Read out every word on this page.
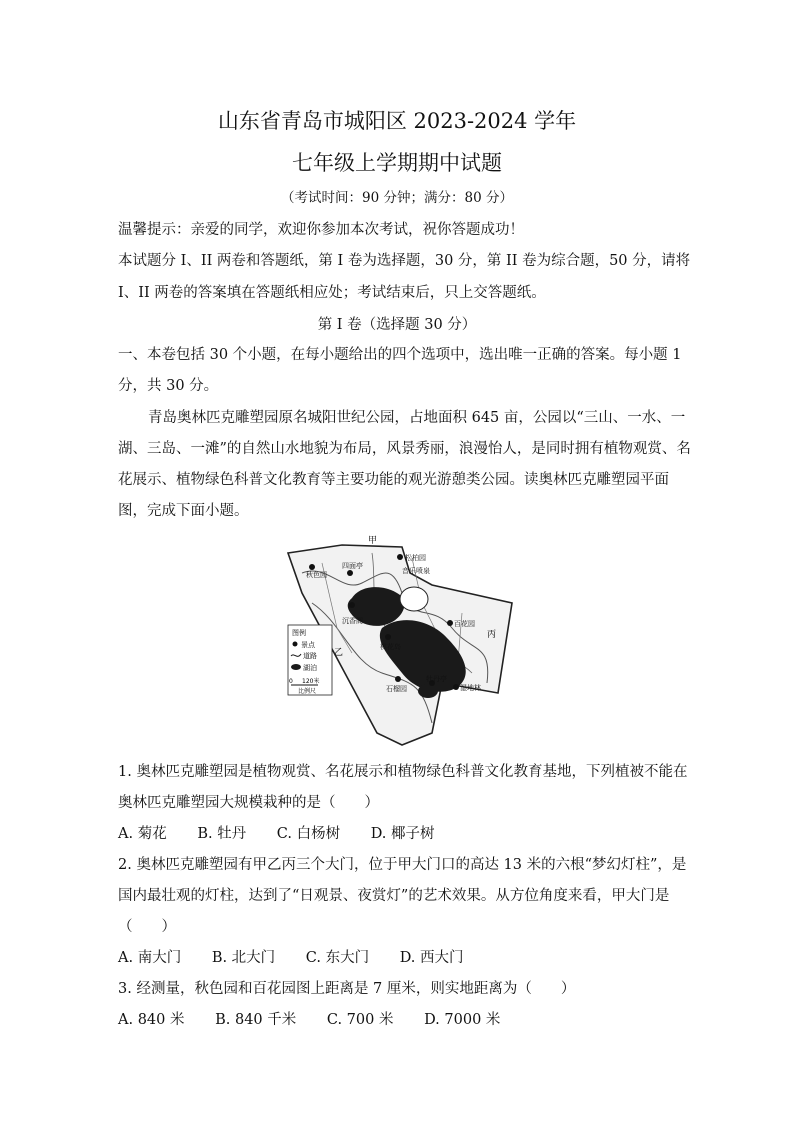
山东省青岛市城阳区 2023-2024 学年
七年级上学期期中试题
（考试时间：90 分钟；满分：80 分）
温馨提示：亲爱的同学，欢迎你参加本次考试，祝你答题成功！
本试题分 I、II 两卷和答题纸，第 I 卷为选择题，30 分，第 II 卷为综合题，50 分，请将
I、II 两卷的答案填在答题纸相应处；考试结束后，只上交答题纸。
第 I 卷（选择题 30 分）
一、本卷包括 30 个小题，在每小题给出的四个选项中，选出唯一正确的答案。每小题 1
分，共 30 分。
青岛奥林匹克雕塑园原名城阳世纪公园，占地面积 645 亩，公园以“三山、一水、一
湖、三岛、一滩”的自然山水地貌为布局，风景秀丽，浪漫怡人，是同时拥有植物观赏、名
花展示、植物绿色科普文化教育等主要功能的观光游憩类公园。读奥林匹克雕塑园平面
图，完成下面小题。
甲
乙
丙
松柏园
秋色园
四面亭
音乐喷泉
沉香阁
桃花岛
百花园
石榴园
牡丹亭
湿地林
图例
景点
道路
湖泊
0 120米
比例尺
1. 奥林匹克雕塑园是植物观赏、名花展示和植物绿色科普文化教育基地，下列植被不能在
奥林匹克雕塑园大规模栽种的是（　　）
A. 菊花 B. 牡丹 C. 白杨树 D. 椰子树
2. 奥林匹克雕塑园有甲乙丙三个大门，位于甲大门口的高达 13 米的六根“梦幻灯柱”，是
国内最壮观的灯柱，达到了“日观景、夜赏灯”的艺术效果。从方位角度来看，甲大门是
（　　）
A. 南大门 B. 北大门 C. 东大门 D. 西大门
3. 经测量，秋色园和百花园图上距离是 7 厘米，则实地距离为（　　）
A. 840 米 B. 840 千米 C. 700 米 D. 7000 米
